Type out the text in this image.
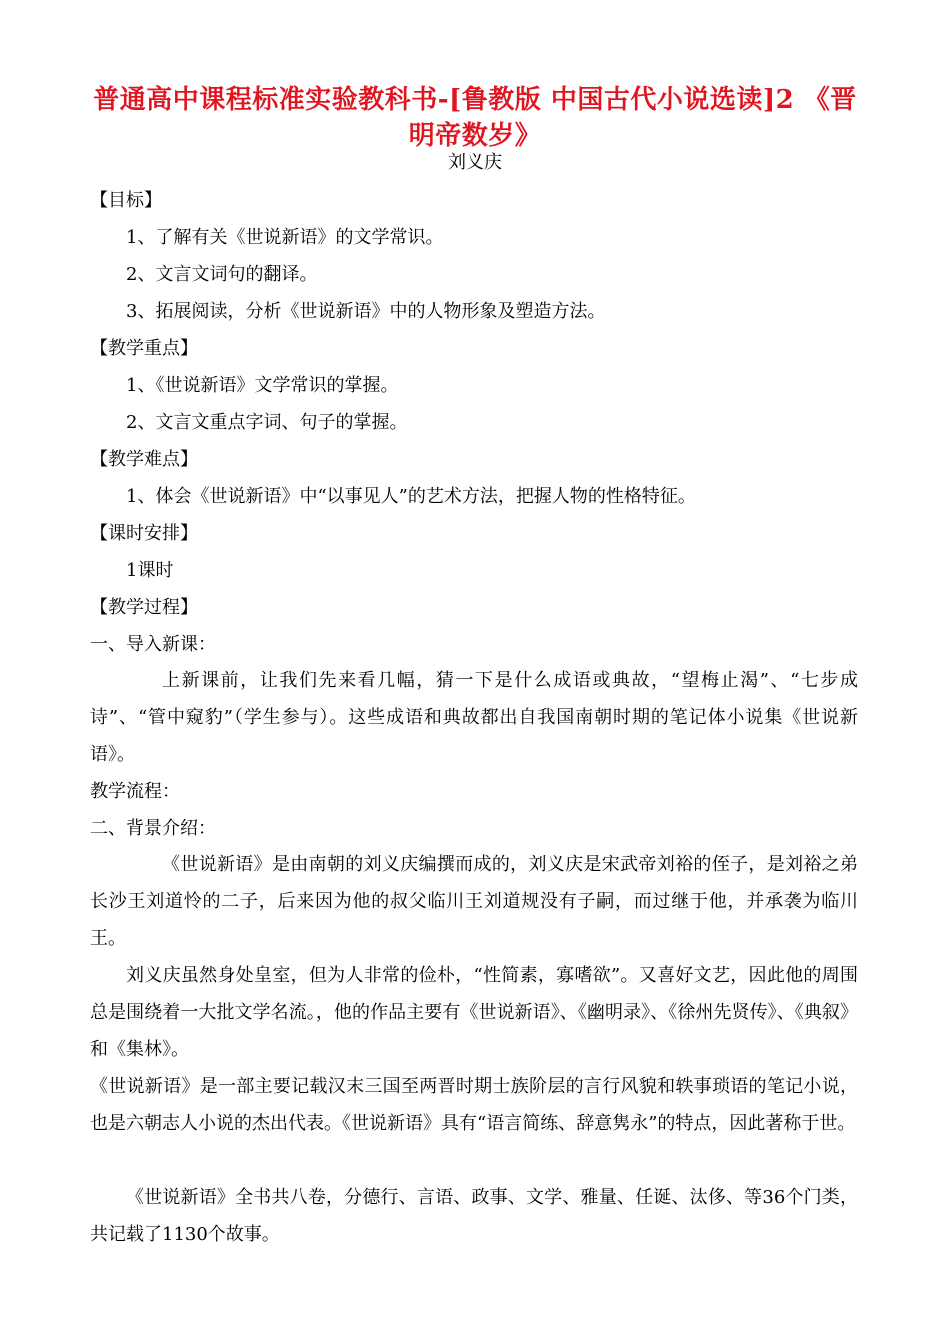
普通高中课程标准实验教科书-[鲁教版 中国古代小说选读]2 《晋明帝数岁》
刘义庆
【目标】
1、了解有关《世说新语》的文学常识。
2、文言文词句的翻译。
3、拓展阅读，分析《世说新语》中的人物形象及塑造方法。
【教学重点】
1、《世说新语》文学常识的掌握。
2、文言文重点字词、句子的掌握。
【教学难点】
1、体会《世说新语》中“以事见人”的艺术方法，把握人物的性格特征。
【课时安排】
1课时
【教学过程】
一、导入新课：
上新课前，让我们先来看几幅，猜一下是什么成语或典故，“望梅止渴”、“七步成诗”、“管中窥豹”（学生参与）。这些成语和典故都出自我国南朝时期的笔记体小说集《世说新语》。
教学流程：
二、背景介绍：
《世说新语》是由南朝的刘义庆编撰而成的，刘义庆是宋武帝刘裕的侄子，是刘裕之弟长沙王刘道怜的二子，后来因为他的叔父临川王刘道规没有子嗣，而过继于他，并承袭为临川王。
刘义庆虽然身处皇室，但为人非常的俭朴，“性简素，寡嗜欲”。又喜好文艺，因此他的周围总是围绕着一大批文学名流。，他的作品主要有《世说新语》、《幽明录》、《徐州先贤传》、《典叙》和《集林》。
《世说新语》是一部主要记载汉末三国至两晋时期士族阶层的言行风貌和轶事琐语的笔记小说，也是六朝志人小说的杰出代表。《世说新语》具有“语言简练、辞意隽永”的特点，因此著称于世。
《世说新语》全书共八卷，分德行、言语、政事、文学、雅量、任诞、汰侈、等36个门类，共记载了1130个故事。
